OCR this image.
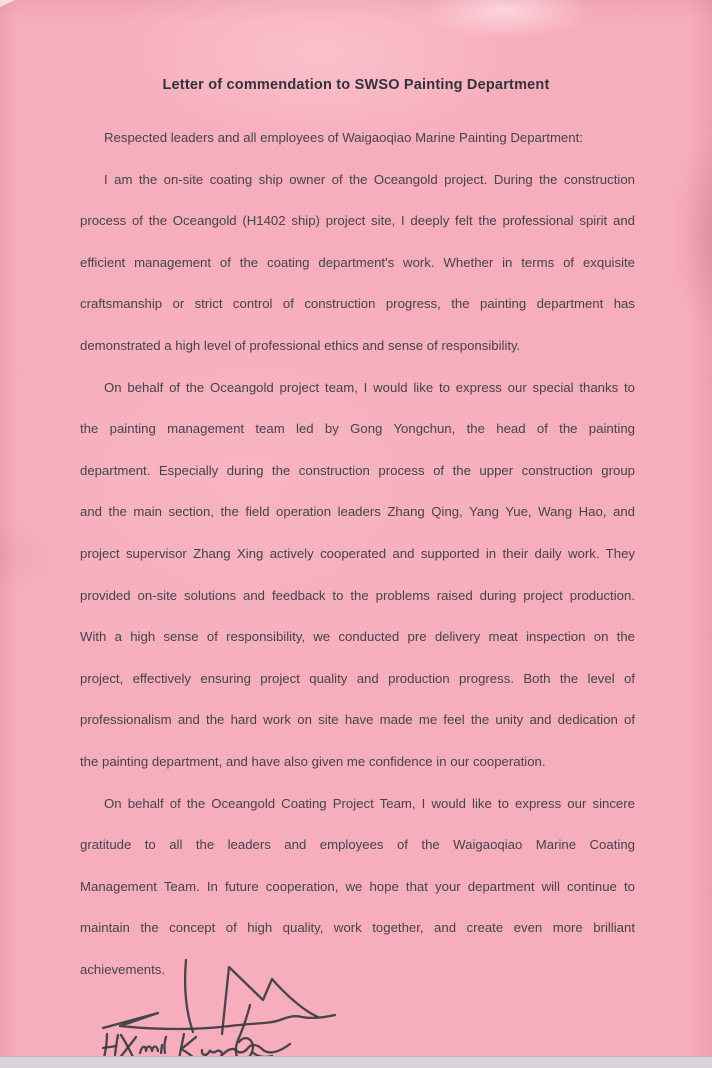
Letter of commendation to SWSO Painting Department
Respected leaders and all employees of Waigaoqiao Marine Painting Department:
I am the on-site coating ship owner of the Oceangold project. During the construction
process of the Oceangold (H1402 ship) project site, I deeply felt the professional spirit and
efficient management of the coating department's work. Whether in terms of exquisite
craftsmanship or strict control of construction progress, the painting department has
demonstrated a high level of professional ethics and sense of responsibility.
On behalf of the Oceangold project team, I would like to express our special thanks to
the painting management team led by Gong Yongchun, the head of the painting
department. Especially during the construction process of the upper construction group
and the main section, the field operation leaders Zhang Qing, Yang Yue, Wang Hao, and
project supervisor Zhang Xing actively cooperated and supported in their daily work. They
provided on-site solutions and feedback to the problems raised during project production.
With a high sense of responsibility, we conducted pre delivery meat inspection on the
project, effectively ensuring project quality and production progress. Both the level of
professionalism and the hard work on site have made me feel the unity and dedication of
the painting department, and have also given me confidence in our cooperation.
On behalf of the Oceangold Coating Project Team, I would like to express our sincere
gratitude to all the leaders and employees of the Waigaoqiao Marine Coating
Management Team. In future cooperation, we hope that your department will continue to
maintain the concept of high quality, work together, and create even more brilliant
achievements.
